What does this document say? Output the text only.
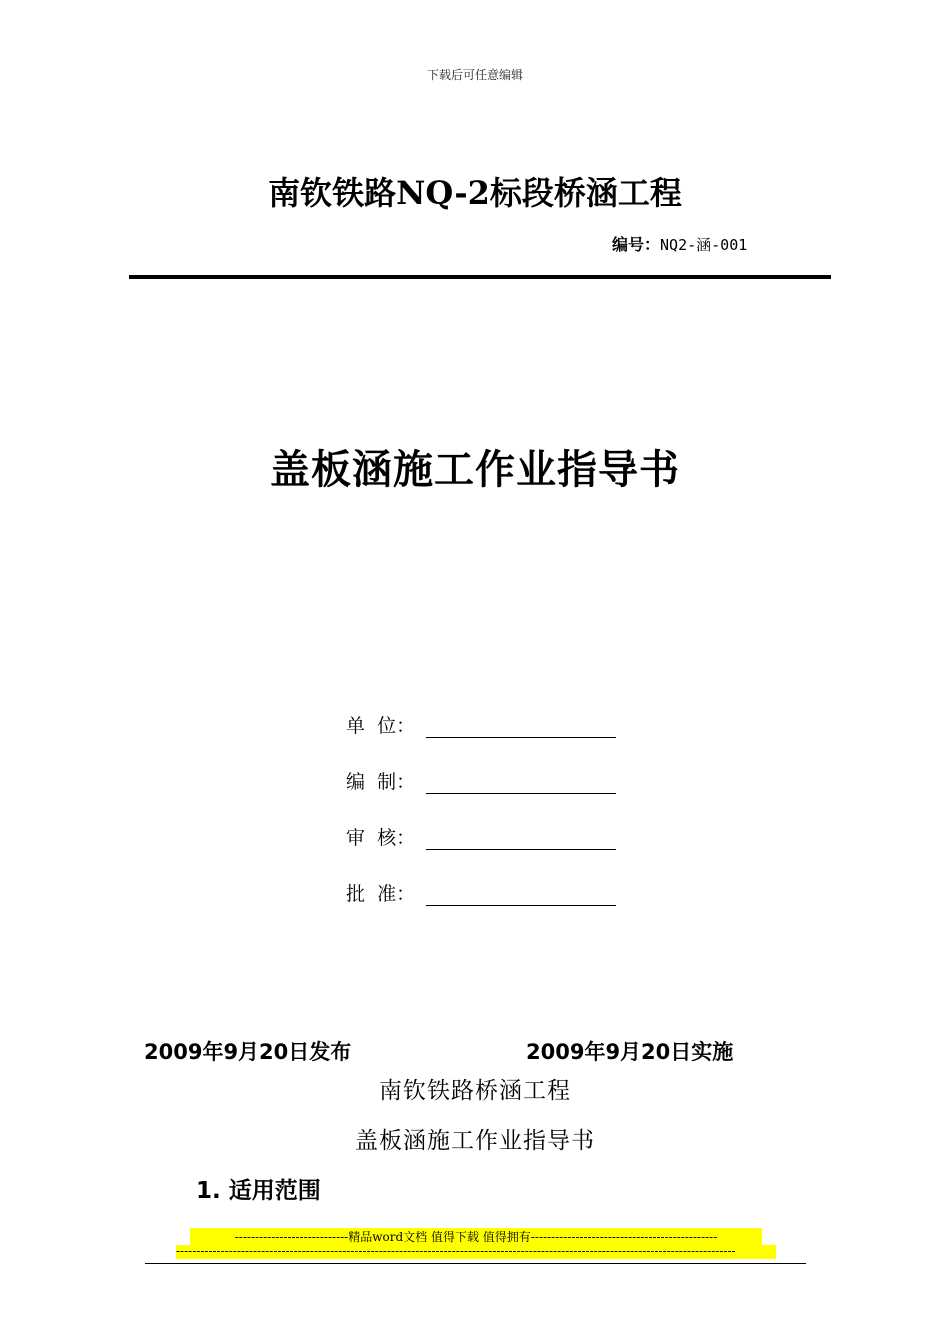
下载后可任意编辑
南钦铁路NQ-2标段桥涵工程
编号：NQ2-涵-001
盖板涵施工作业指导书
单  位：
编  制：
审  核：
批  准：
2009年9月20日发布	2009年9月20日实施
南钦铁路桥涵工程
盖板涵施工作业指导书
1. 适用范围
----------------------------精品word文档 值得下载 值得拥有----------------------------------------------
------------------------------------------------------------------------------------------------------------------------------------------
